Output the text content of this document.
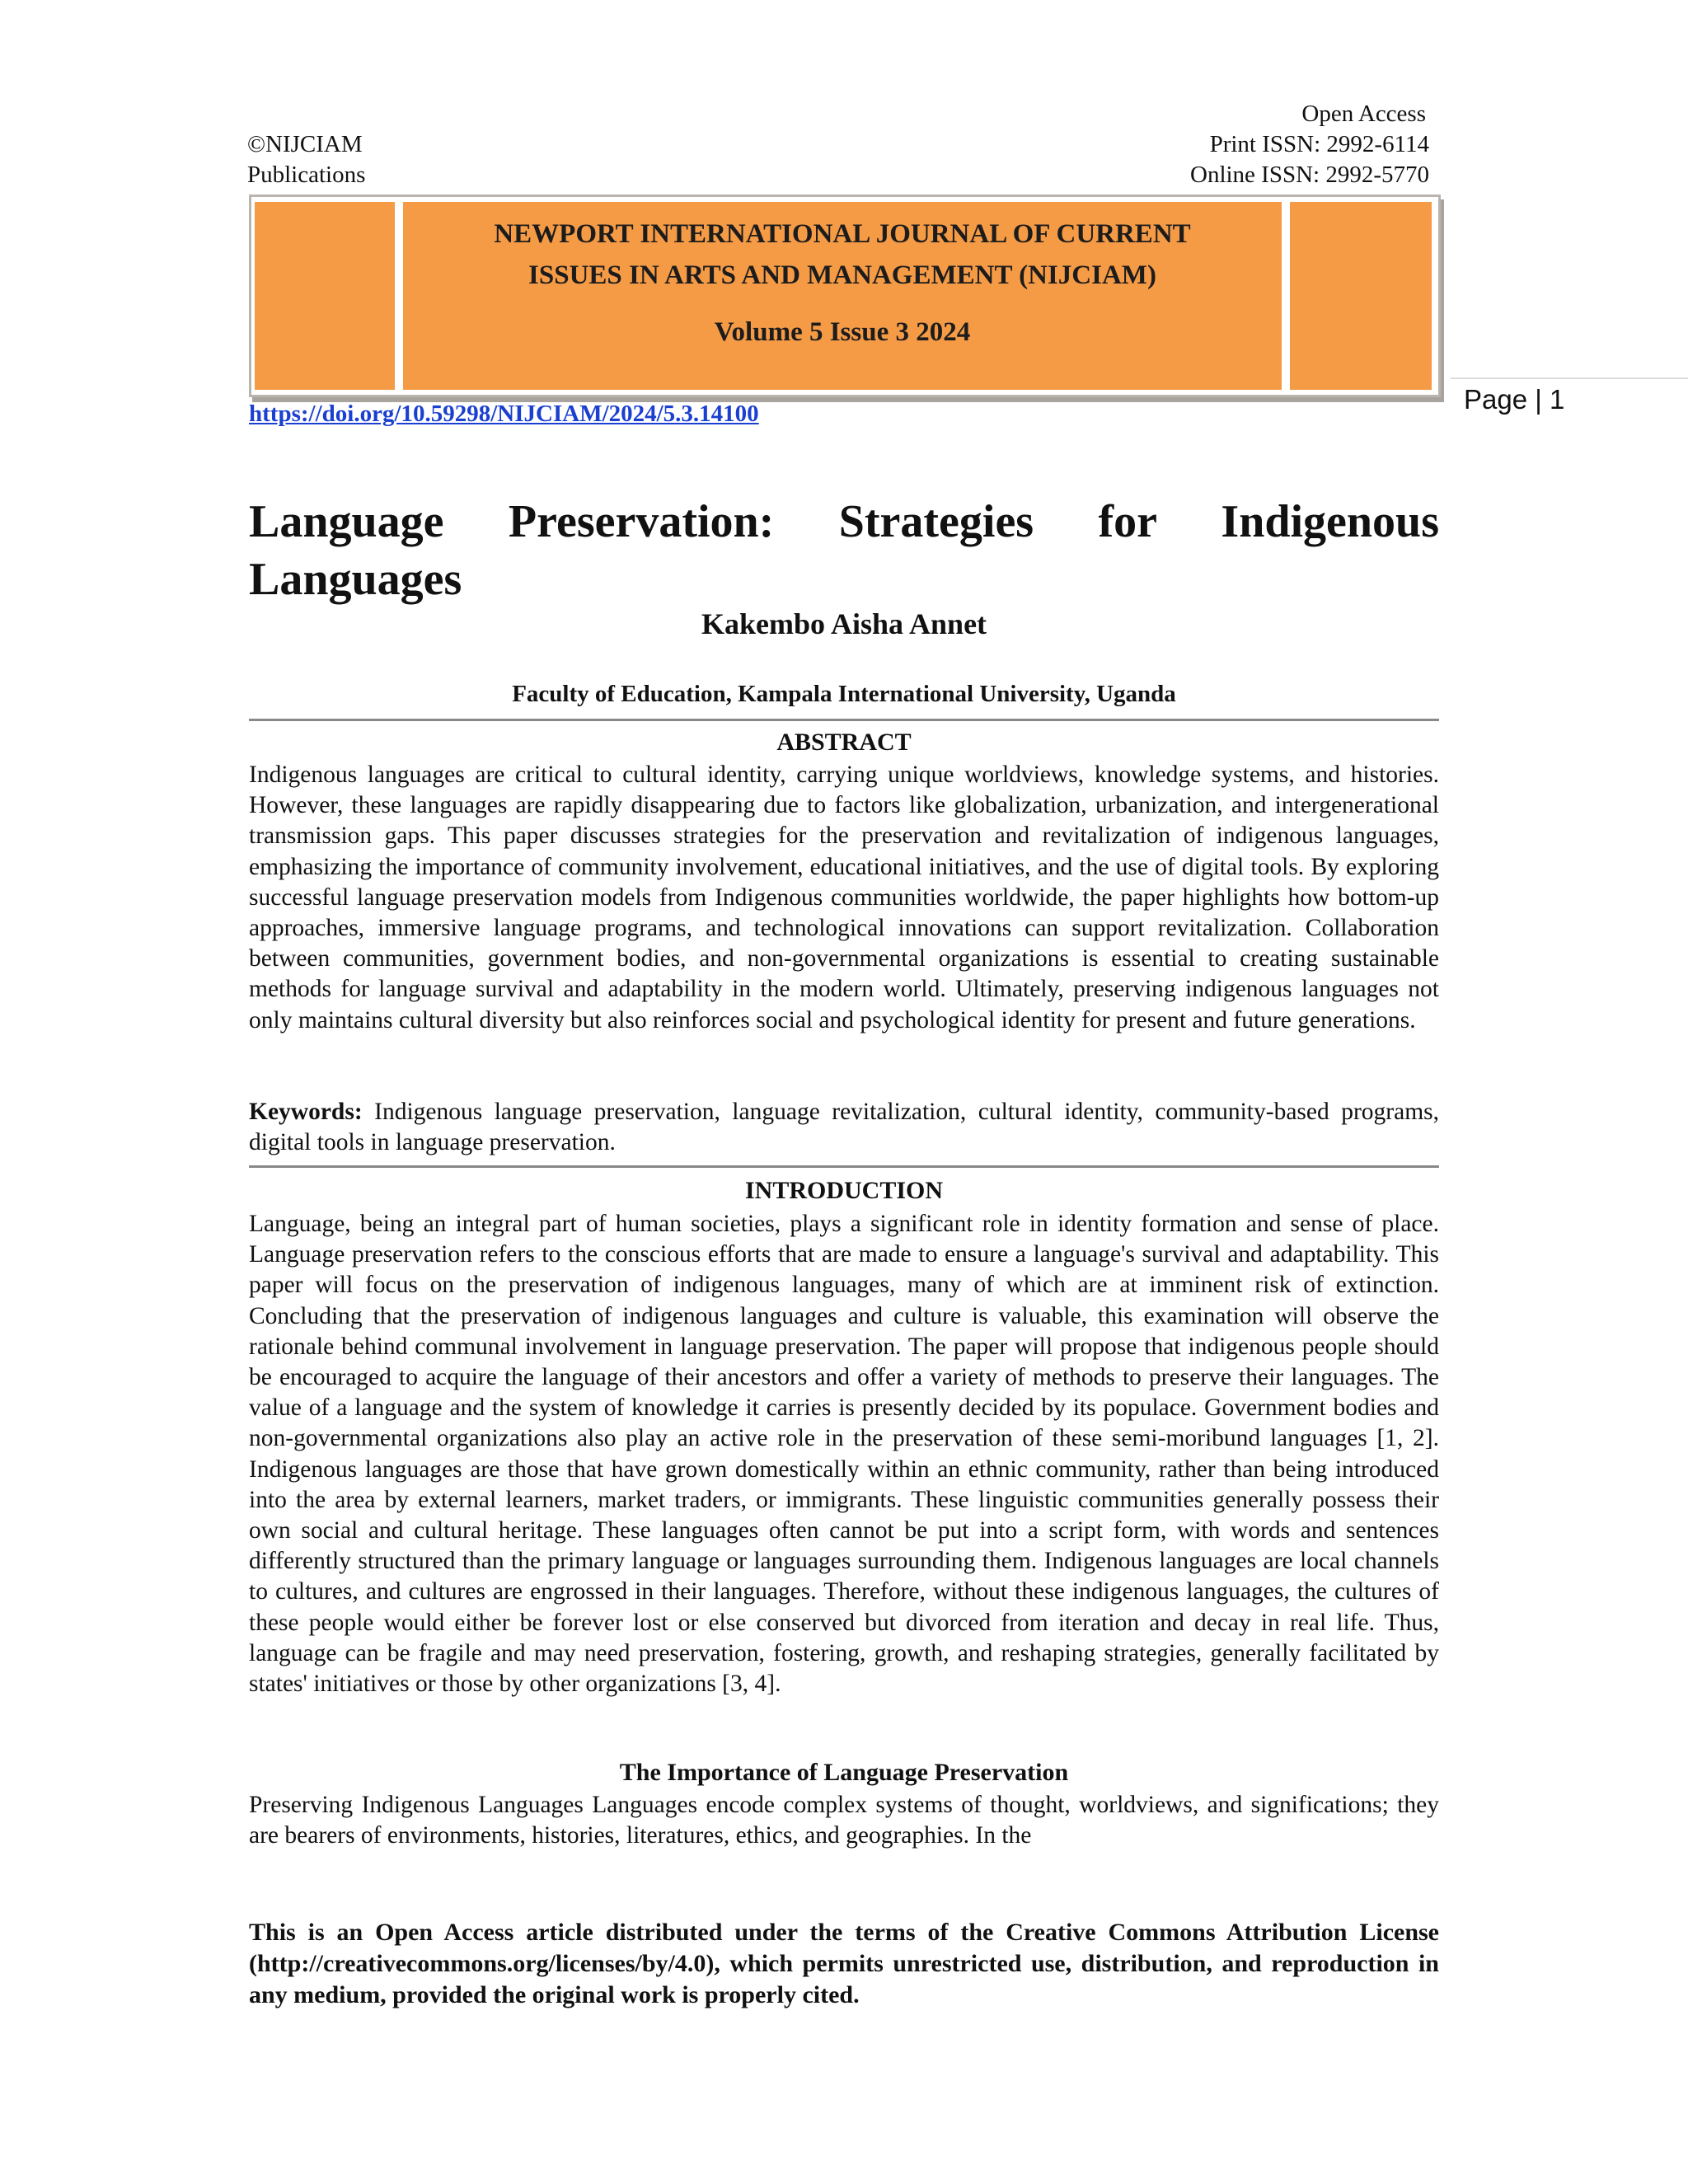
Open Access
©NIJCIAM
Publications
Print ISSN: 2992-6114
Online ISSN: 2992-5770
NEWPORT INTERNATIONAL JOURNAL OF CURRENT
ISSUES IN ARTS AND MANAGEMENT (NIJCIAM)
Volume 5 Issue 3 2024
https://doi.org/10.59298/NIJCIAM/2024/5.3.14100	Page | 1
Language Preservation: Strategies for Indigenous Languages
Kakembo Aisha Annet
Faculty of Education, Kampala International University, Uganda
ABSTRACT

Indigenous languages are critical to cultural identity, carrying unique worldviews, knowledge systems, and histories. However, these languages are rapidly disappearing due to factors like globalization, urbanization, and intergenerational transmission gaps. This paper discusses strategies for the preservation and revitalization of indigenous languages, emphasizing the importance of community involvement, educational initiatives, and the use of digital tools. By exploring successful language preservation models from Indigenous communities worldwide, the paper highlights how bottom-up approaches, immersive language programs, and technological innovations can support revitalization. Collaboration between communities, government bodies, and non-governmental organizations is essential to creating sustainable methods for language survival and adaptability in the modern world. Ultimately, preserving indigenous languages not only maintains cultural diversity but also reinforces social and psychological identity for present and future generations.

Keywords: Indigenous language preservation, language revitalization, cultural identity, community-based programs, digital tools in language preservation.

INTRODUCTION

Language, being an integral part of human societies, plays a significant role in identity formation and sense of place. Language preservation refers to the conscious efforts that are made to ensure a language's survival and adaptability. This paper will focus on the preservation of indigenous languages, many of which are at imminent risk of extinction. Concluding that the preservation of indigenous languages and culture is valuable, this examination will observe the rationale behind communal involvement in language preservation. The paper will propose that indigenous people should be encouraged to acquire the language of their ancestors and offer a variety of methods to preserve their languages. The value of a language and the system of knowledge it carries is presently decided by its populace. Government bodies and non-governmental organizations also play an active role in the preservation of these semi-moribund languages [1, 2]. Indigenous languages are those that have grown domestically within an ethnic community, rather than being introduced into the area by external learners, market traders, or immigrants. These linguistic communities generally possess their own social and cultural heritage. These languages often cannot be put into a script form, with words and sentences differently structured than the primary language or languages surrounding them. Indigenous languages are local channels to cultures, and cultures are engrossed in their languages. Therefore, without these indigenous languages, the cultures of these people would either be forever lost or else conserved but divorced from iteration and decay in real life. Thus, language can be fragile and may need preservation, fostering, growth, and reshaping strategies, generally facilitated by states' initiatives or those by other organizations [3, 4].

The Importance of Language Preservation

Preserving Indigenous Languages Languages encode complex systems of thought, worldviews, and significations; they are bearers of environments, histories, literatures, ethics, and geographies. In the

This is an Open Access article distributed under the terms of the Creative Commons Attribution License (http://creativecommons.org/licenses/by/4.0), which permits unrestricted use, distribution, and reproduction in any medium, provided the original work is properly cited.
